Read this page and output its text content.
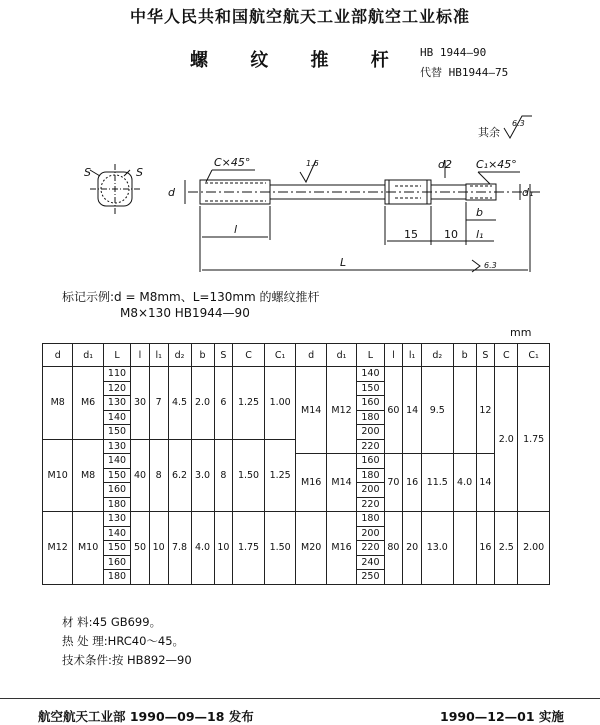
中华人民共和国航空航天工业部航空工业标准
螺 纹 推 杆 HB 1944—90
代替 HB1944—75
其余
6.3
1.6
C×45°	C₁×45°
d	d₁
d2
S	S
l
L
b
l₁
15 10
6.3
标记示例:d = M8mm、L=130mm 的螺纹推杆
M8×130 HB1944—90
mm
d	d₁	L	l	l₁	d₂	b	S	C	C₁	d	d₁	L	l	l₁	d₂	b	S	C	C₁
M8	M6	110	30	7	4.5	2.0	6	1.25	1.00	M14	M12	140	60	14	9.5		12	2.0	1.75
		120										150							
		130										160							
		140										180							
		150										200							
M10	M8	130	40	8	6.2	3.0	8	1.50	1.25			220							
		140								M16	M14	160	70	16	11.5	4.0	14		
		150										180							
		160										200							
		180										220							
M12	M10	130	50	10	7.8	4.0	10	1.75	1.50	M20	M16	180	80	20	13.0		16	2.5	2.00
		140										200							
		150										220							
		160										240							
		180										250							
材 料:45 GB699。
热 处 理:HRC40～45。
技术条件:按 HB892—90
航空航天工业部 1990—09—18 发布	1990—12—01 实施
